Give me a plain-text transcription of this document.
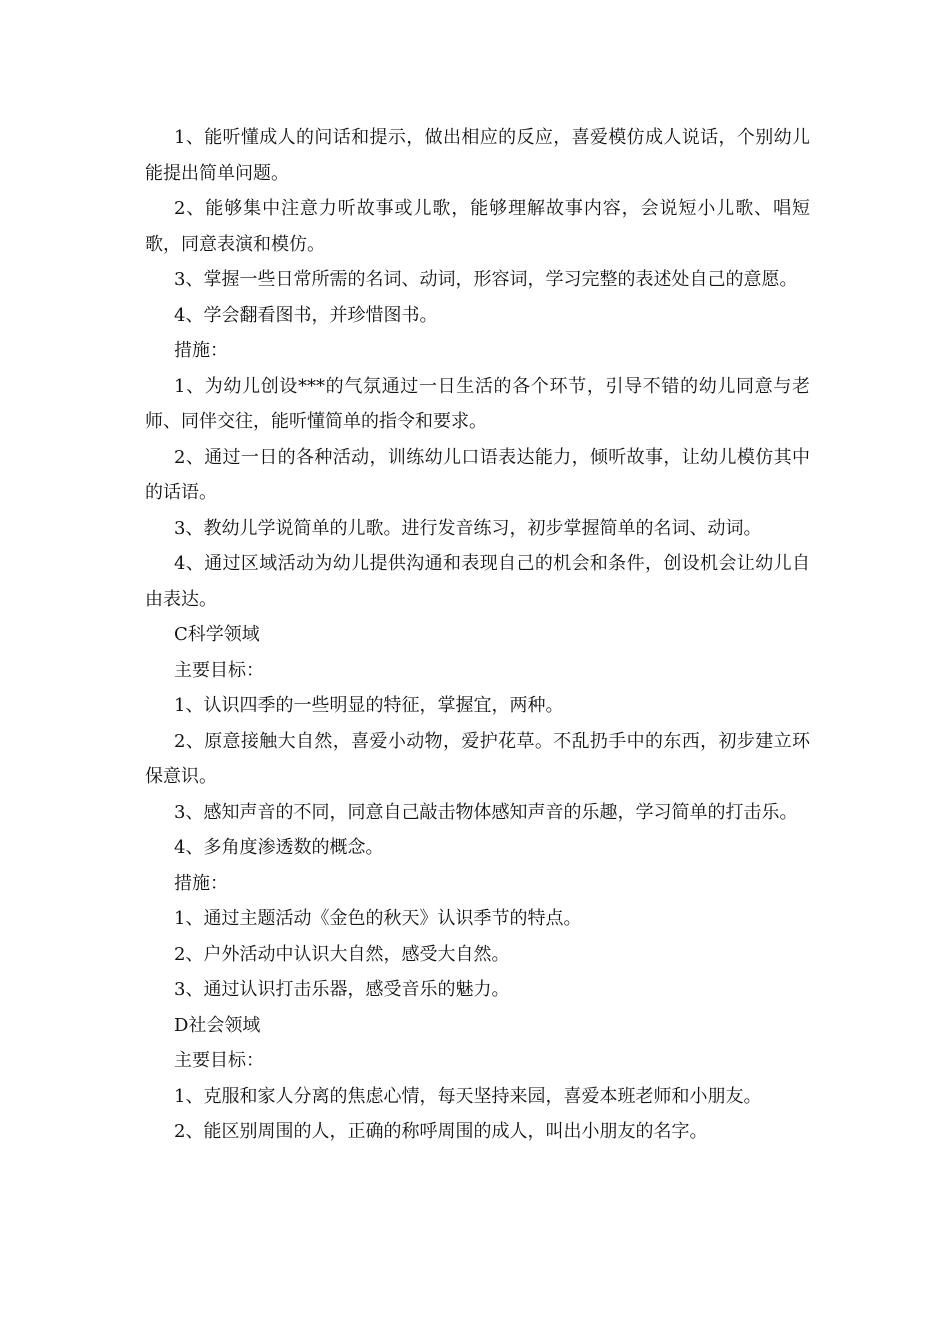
1、能听懂成人的问话和提示，做出相应的反应，喜爱模仿成人说话，个别幼儿能提出简单问题。

2、能够集中注意力听故事或儿歌，能够理解故事内容，会说短小儿歌、唱短歌，同意表演和模仿。

3、掌握一些日常所需的名词、动词，形容词，学习完整的表述处自己的意愿。

4、学会翻看图书，并珍惜图书。

措施：

1、为幼儿创设***的气氛通过一日生活的各个环节，引导不错的幼儿同意与老师、同伴交往，能听懂简单的指令和要求。

2、通过一日的各种活动，训练幼儿口语表达能力，倾听故事，让幼儿模仿其中的话语。

3、教幼儿学说简单的儿歌。进行发音练习，初步掌握简单的名词、动词。

4、通过区域活动为幼儿提供沟通和表现自己的机会和条件，创设机会让幼儿自由表达。

C科学领域

主要目标：

1、认识四季的一些明显的特征，掌握宜，两种。

2、原意接触大自然，喜爱小动物，爱护花草。不乱扔手中的东西，初步建立环保意识。

3、感知声音的不同，同意自己敲击物体感知声音的乐趣，学习简单的打击乐。

4、多角度渗透数的概念。

措施：

1、通过主题活动《金色的秋天》认识季节的特点。

2、户外活动中认识大自然，感受大自然。

3、通过认识打击乐器，感受音乐的魅力。

D社会领域

主要目标：

1、克服和家人分离的焦虑心情，每天坚持来园，喜爱本班老师和小朋友。

2、能区别周围的人，正确的称呼周围的成人，叫出小朋友的名字。
